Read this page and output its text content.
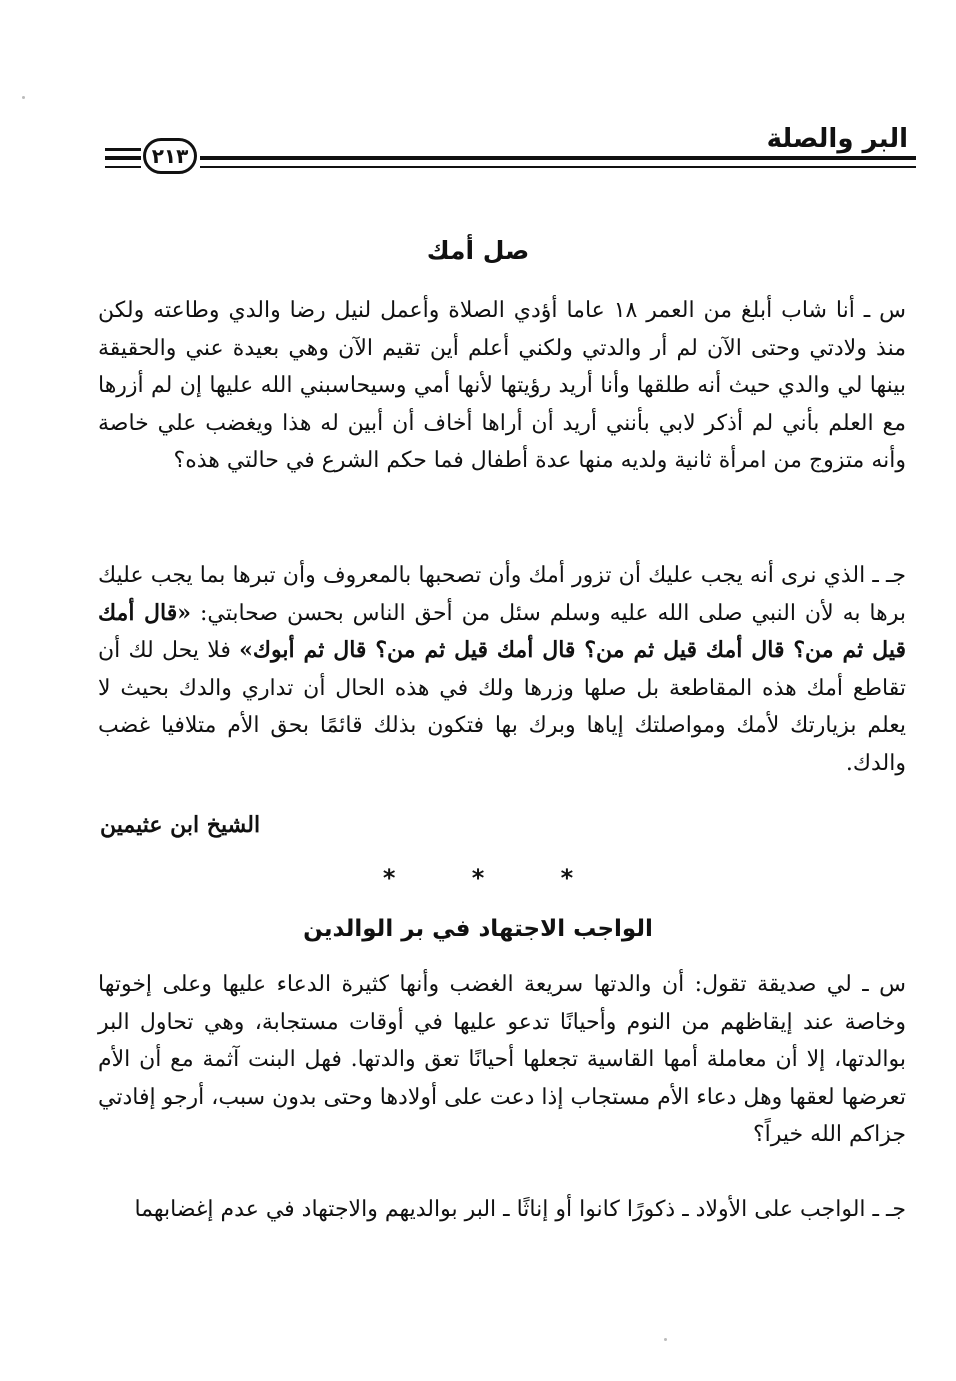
البر والصلة
٢١٣
صل أمك
س ـ أنا شاب أبلغ من العمر ١٨ عاما أؤدي الصلاة وأعمل لنيل رضا والدي وطاعته ولكن منذ ولادتي وحتى الآن لم أر والدتي ولكني أعلم أين تقيم الآن وهي بعيدة عني والحقيقة بينها لي والدي حيث أنه طلقها وأنا أريد رؤيتها لأنها أمي وسيحاسبني الله عليها إن لم أزرها مع العلم بأني لم أذكر لابي بأنني أريد أن أراها أخاف أن أبين له هذا ويغضب علي خاصة وأنه متزوج من امرأة ثانية ولديه منها عدة أطفال فما حكم الشرع في حالتي هذه؟
جـ ـ الذي نرى أنه يجب عليك أن تزور أمك وأن تصحبها بالمعروف وأن تبرها بما يجب عليك برها به لأن النبي صلى الله عليه وسلم سئل من أحق الناس بحسن صحابتي: «قال أمك قيل ثم من؟ قال أمك قيل ثم من؟ قال أمك قيل ثم من؟ قال ثم أبوك» فلا يحل لك أن تقاطع أمك هذه المقاطعة بل صلها وزرها ولك في هذه الحال أن تداري والدك بحيث لا يعلم بزيارتك لأمك ومواصلتك إياها وبرك بها فتكون بذلك قائمًا بحق الأم متلافيا غضب والدك.
الشيخ ابن عثيمين
* * *
الواجب الاجتهاد في بر الوالدين
س ـ لي صديقة تقول: أن والدتها سريعة الغضب وأنها كثيرة الدعاء عليها وعلى إخوتها وخاصة عند إيقاظهم من النوم وأحيانًا تدعو عليها في أوقات مستجابة، وهي تحاول البر بوالدتها، إلا أن معاملة أمها القاسية تجعلها أحيانًا تعق والدتها. فهل البنت آثمة مع أن الأم تعرضها لعقها وهل دعاء الأم مستجاب إذا دعت على أولادها وحتى بدون سبب، أرجو إفادتي جزاكم الله خيراً؟
جـ ـ الواجب على الأولاد ـ ذكورًا كانوا أو إناثًا ـ البر بوالديهم والاجتهاد في عدم إغضابهما
